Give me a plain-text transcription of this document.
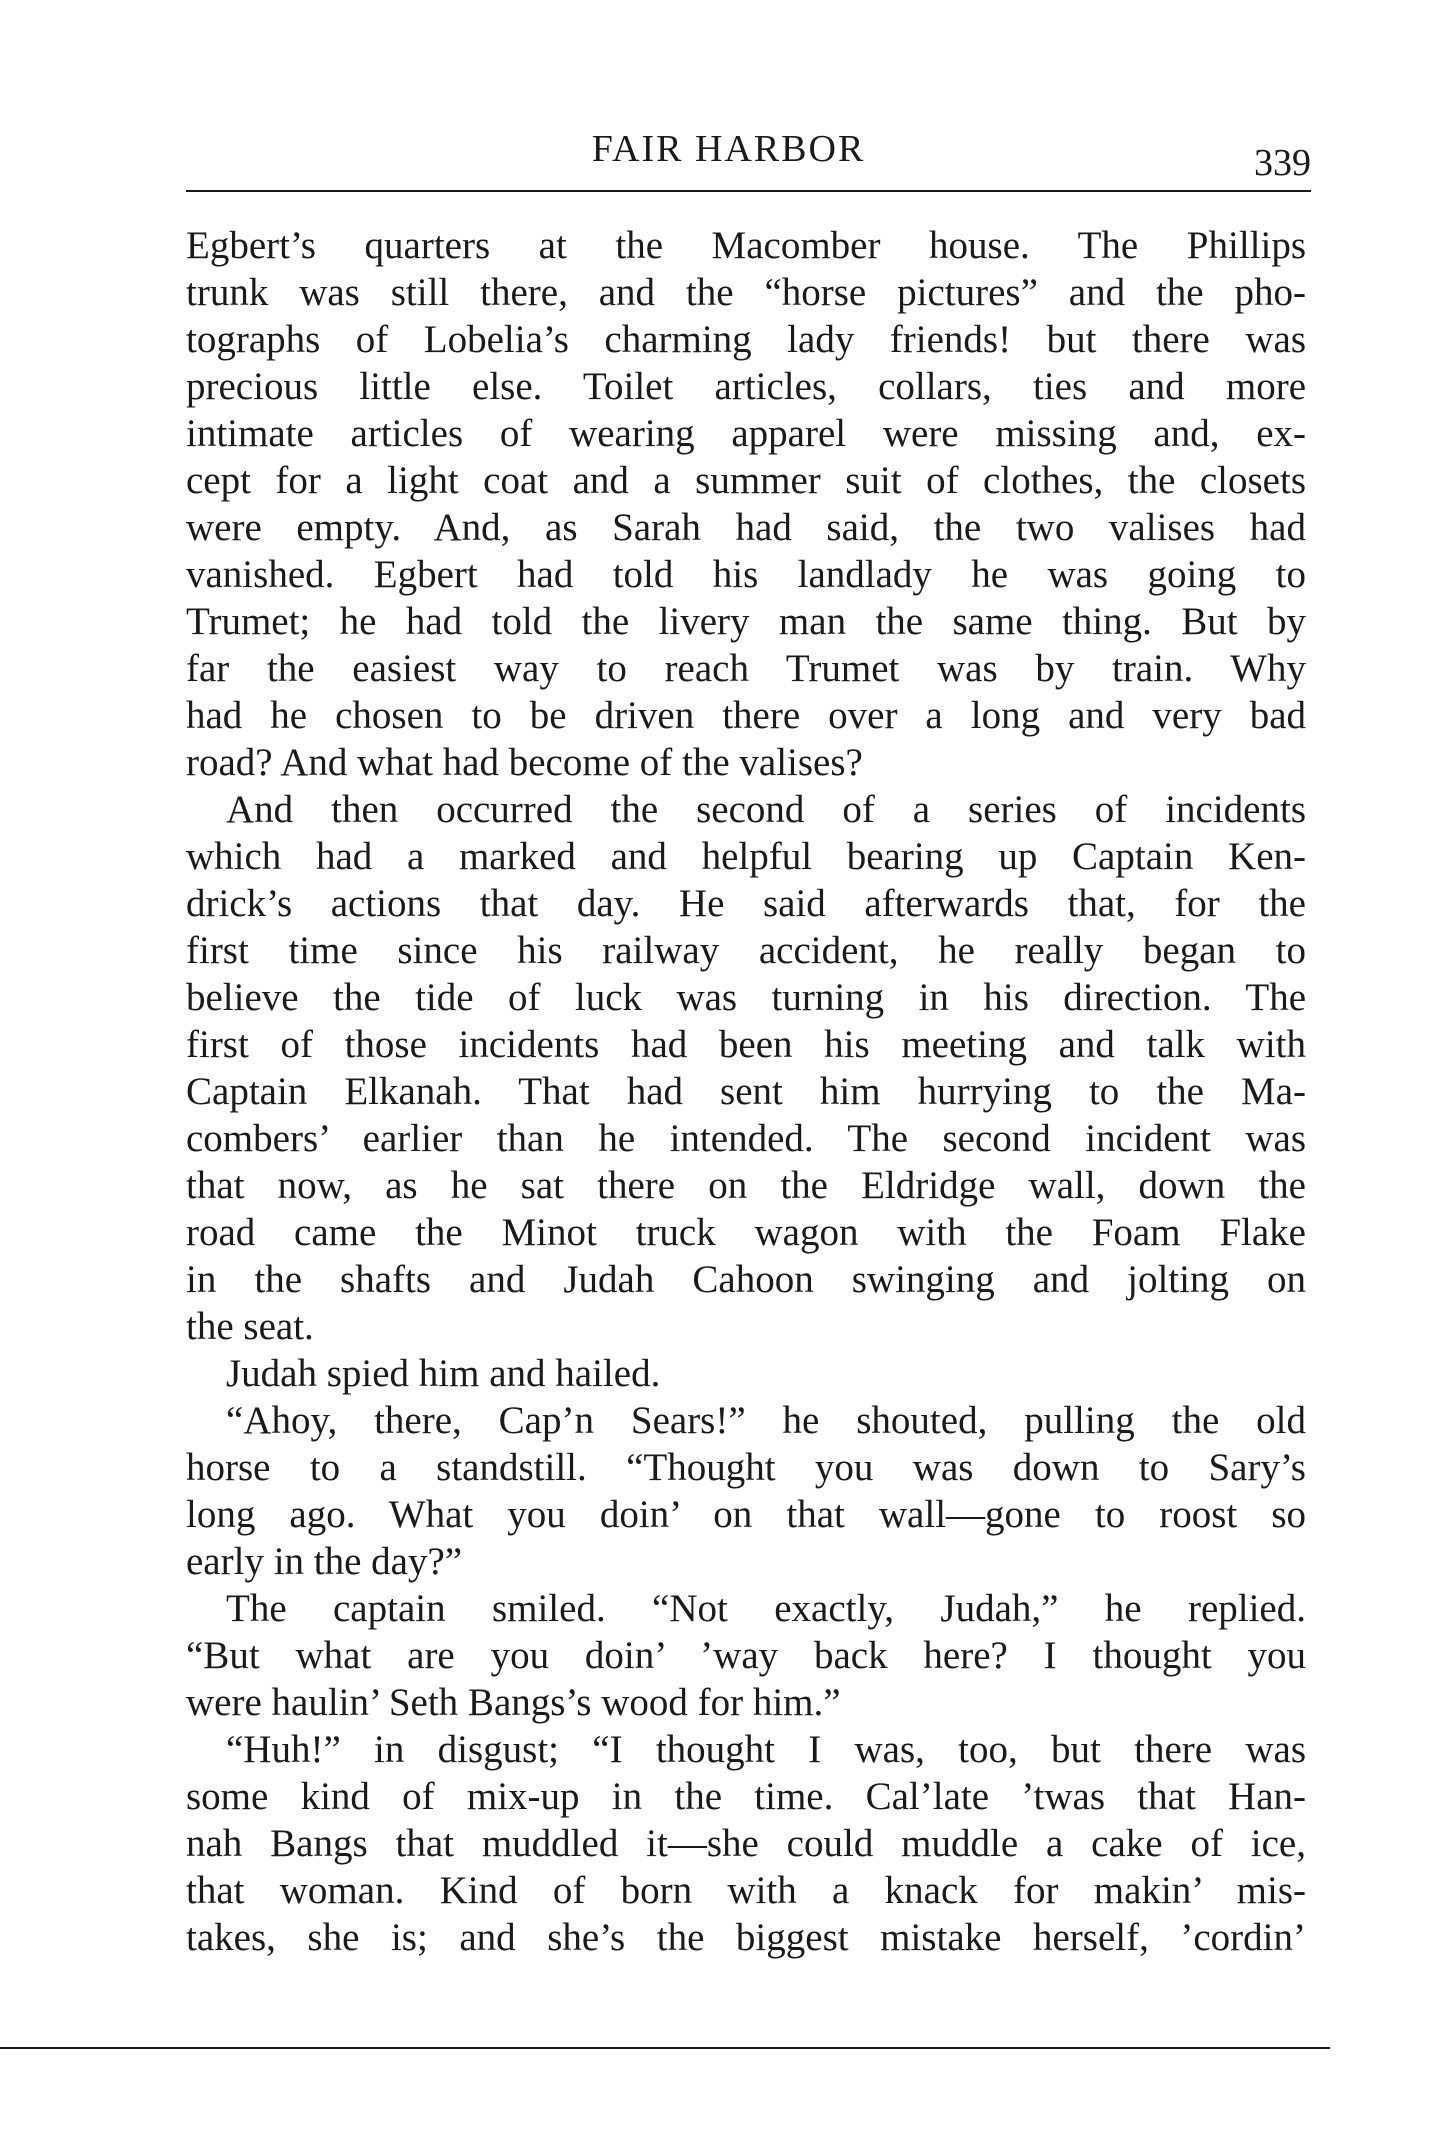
FAIR HARBOR	339
Egbert’s quarters at the Macomber house. The Phillips
trunk was still there, and the “horse pictures” and the pho-
tographs of Lobelia’s charming lady friends! but there was
precious little else. Toilet articles, collars, ties and more
intimate articles of wearing apparel were missing and, ex-
cept for a light coat and a summer suit of clothes, the closets
were empty. And, as Sarah had said, the two valises had
vanished. Egbert had told his landlady he was going to
Trumet; he had told the livery man the same thing. But by
far the easiest way to reach Trumet was by train. Why
had he chosen to be driven there over a long and very bad
road? And what had become of the valises?
And then occurred the second of a series of incidents
which had a marked and helpful bearing up Captain Ken-
drick’s actions that day. He said afterwards that, for the
first time since his railway accident, he really began to
believe the tide of luck was turning in his direction. The
first of those incidents had been his meeting and talk with
Captain Elkanah. That had sent him hurrying to the Ma-
combers’ earlier than he intended. The second incident was
that now, as he sat there on the Eldridge wall, down the
road came the Minot truck wagon with the Foam Flake
in the shafts and Judah Cahoon swinging and jolting on
the seat.
Judah spied him and hailed.
“Ahoy, there, Cap’n Sears!” he shouted, pulling the old
horse to a standstill. “Thought you was down to Sary’s
long ago. What you doin’ on that wall—gone to roost so
early in the day?”
The captain smiled. “Not exactly, Judah,” he replied.
“But what are you doin’ ’way back here? I thought you
were haulin’ Seth Bangs’s wood for him.”
“Huh!” in disgust; “I thought I was, too, but there was
some kind of mix-up in the time. Cal’late ’twas that Han-
nah Bangs that muddled it—she could muddle a cake of ice,
that woman. Kind of born with a knack for makin’ mis-
takes, she is; and she’s the biggest mistake herself, ’cordin’
